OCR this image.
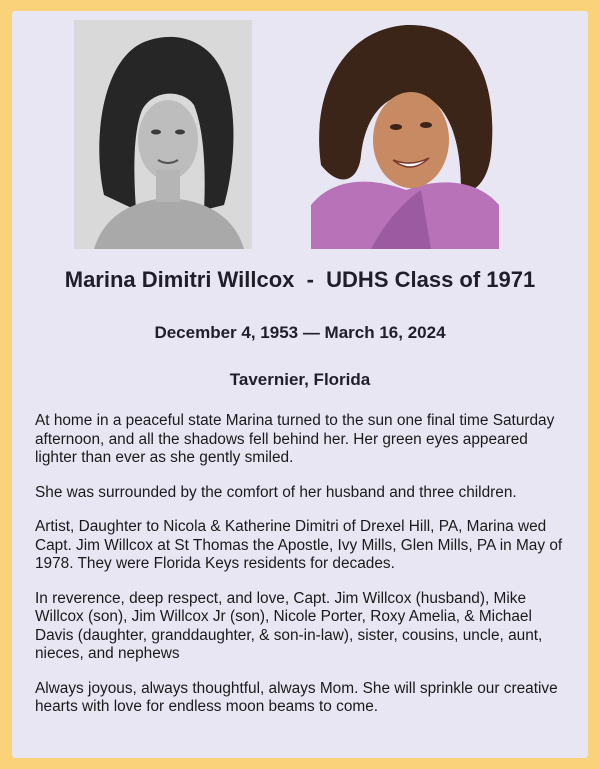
Marina Dimitri Willcox  -  UDHS Class of 1971
December 4, 1953 — March 16, 2024
Tavernier, Florida

At home in a peaceful state Marina turned to the sun one final time Saturday afternoon, and all the shadows fell behind her. Her green eyes appeared lighter than ever as she gently smiled.

She was surrounded by the comfort of her husband and three children.

Artist, Daughter to Nicola & Katherine Dimitri of Drexel Hill, PA, Marina wed Capt. Jim Willcox at St Thomas the Apostle, Ivy Mills, Glen Mills, PA in May of 1978. They were Florida Keys residents for decades.

In reverence, deep respect, and love, Capt. Jim Willcox (husband), Mike Willcox (son), Jim Willcox Jr (son), Nicole Porter, Roxy Amelia, & Michael Davis (daughter, granddaughter, & son-in-law), sister, cousins, uncle, aunt, nieces, and nephews

Always joyous, always thoughtful, always Mom. She will sprinkle our creative hearts with love for endless moon beams to come.
